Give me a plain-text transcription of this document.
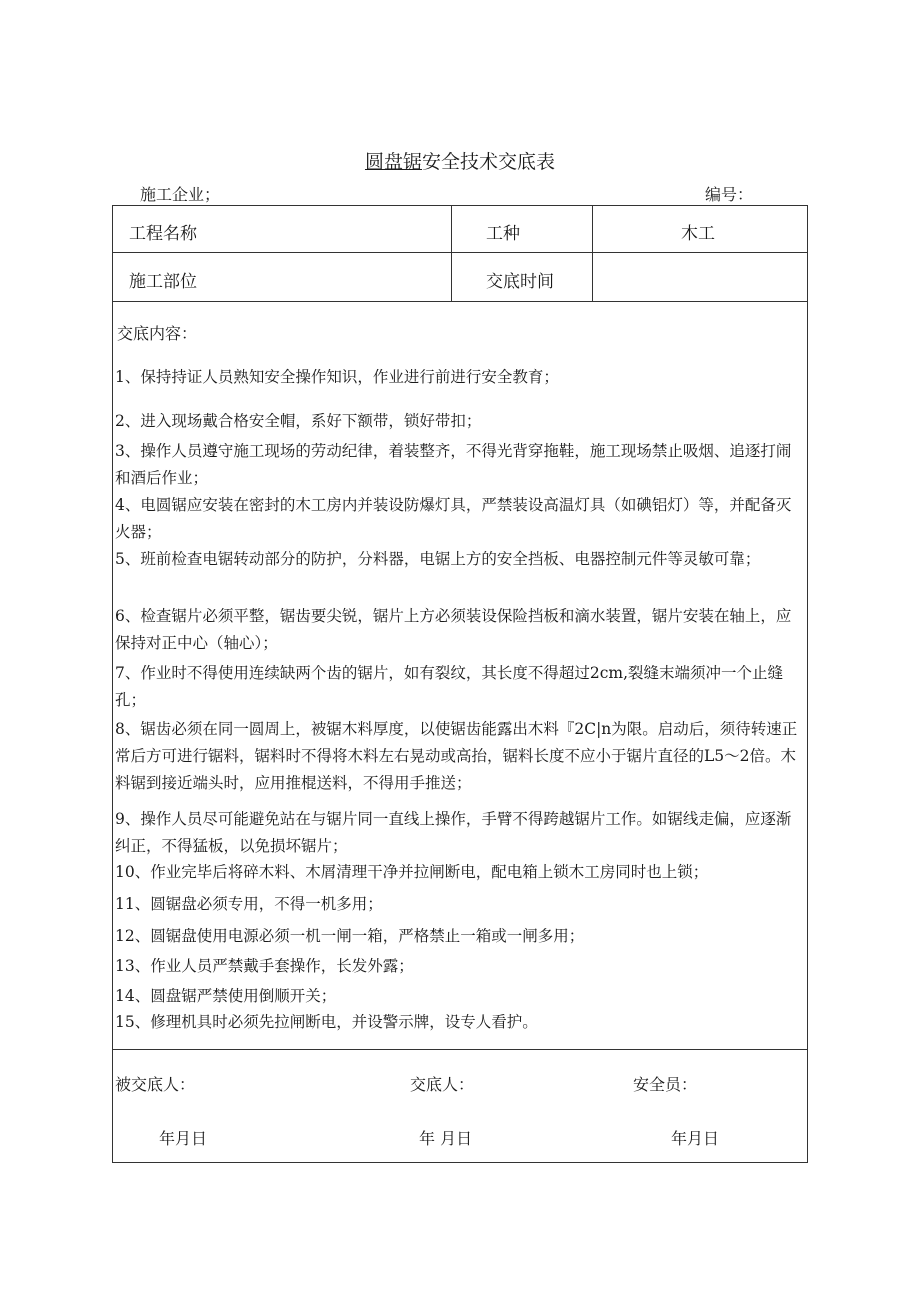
圆盘锯安全技术交底表
施工企业；	编号：
工程名称	工种	木工
施工部位	交底时间
交底内容：
1、保持持证人员熟知安全操作知识，作业进行前进行安全教育；
2、进入现场戴合格安全帽，系好下额带，锁好带扣；
3、操作人员遵守施工现场的劳动纪律，着装整齐，不得光背穿拖鞋，施工现场禁止吸烟、追逐打闹和酒后作业；
4、电圆锯应安装在密封的木工房内并装设防爆灯具，严禁装设高温灯具（如碘铝灯）等，并配备灭火器；
5、班前检查电锯转动部分的防护，分料器，电锯上方的安全挡板、电器控制元件等灵敏可靠；
6、检查锯片必须平整，锯齿要尖锐，锯片上方必须装设保险挡板和滴水装置，锯片安装在轴上，应保持对正中心（轴心）；
7、作业时不得使用连续缺两个齿的锯片，如有裂纹，其长度不得超过2cm,裂缝末端须冲一个止缝孔；
8、锯齿必须在同一圆周上，被锯木料厚度，以使锯齿能露出木料『2C|n为限。启动后，须待转速正常后方可进行锯料，锯料时不得将木料左右晃动或高抬，锯料长度不应小于锯片直径的L5～2倍。木料锯到接近端头时，应用推棍送料，不得用手推送；
9、操作人员尽可能避免站在与锯片同一直线上操作，手臂不得跨越锯片工作。如锯线走偏，应逐渐纠正，不得猛板，以免损坏锯片；
10、作业完毕后将碎木料、木屑清理干净并拉闸断电，配电箱上锁木工房同时也上锁；
11、圆锯盘必须专用，不得一机多用；
12、圆锯盘使用电源必须一机一闸一箱，严格禁止一箱或一闸多用；
13、作业人员严禁戴手套操作，长发外露；
14、圆盘锯严禁使用倒顺开关；
15、修理机具时必须先拉闸断电，并设警示牌，设专人看护。
被交底人：	交底人：	安全员：
年月日	年 月日	年月日
